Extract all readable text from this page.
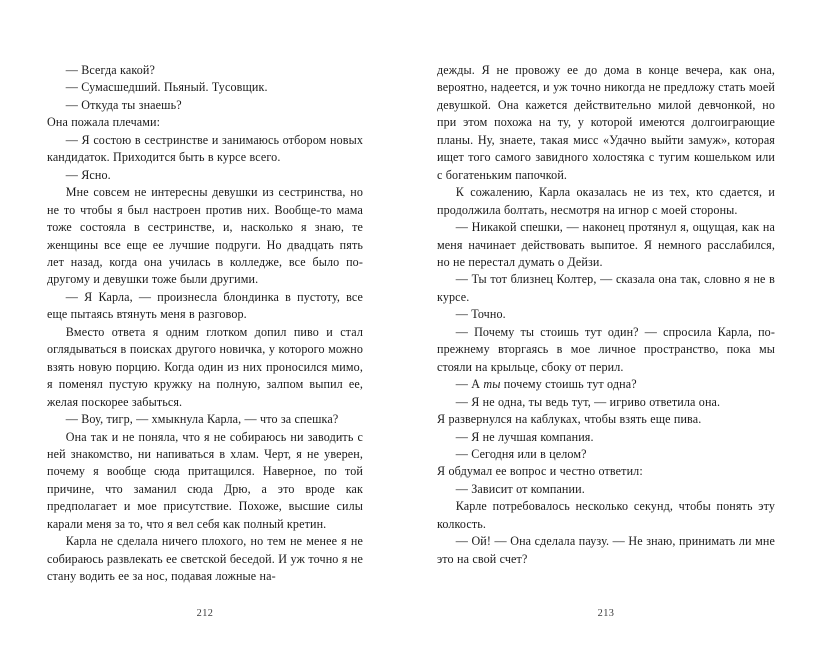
— Всегда какой?

— Сумасшедший. Пьяный. Тусовщик.

— Откуда ты знаешь?

Она пожала плечами:

— Я состою в сестринстве и занимаюсь отбором новых кандидаток. Приходится быть в курсе всего.

— Ясно.

Мне совсем не интересны девушки из сестринства, но не то чтобы я был настроен против них. Вообще-то мама тоже состояла в сестринстве, и, насколько я знаю, те женщины все еще ее лучшие подруги. Но двадцать пять лет назад, когда она училась в колледже, все было по-другому и девушки тоже были другими.

— Я Карла, — произнесла блондинка в пустоту, все еще пытаясь втянуть меня в разговор.

Вместо ответа я одним глотком допил пиво и стал оглядываться в поисках другого новичка, у которого можно взять новую порцию. Когда один из них проносился мимо, я поменял пустую кружку на полную, залпом выпил ее, желая поскорее забыться.

— Воу, тигр, — хмыкнула Карла, — что за спешка?

Она так и не поняла, что я не собираюсь ни заводить с ней знакомство, ни напиваться в хлам. Черт, я не уверен, почему я вообще сюда притащился. Наверное, по той причине, что заманил сюда Дрю, а это вроде как предполагает и мое присутствие. Похоже, высшие силы карали меня за то, что я вел себя как полный кретин.

Карла не сделала ничего плохого, но тем не менее я не собираюсь развлекать ее светской беседой. И уж точно я не стану водить ее за нос, подавая ложные на-

212

дежды. Я не провожу ее до дома в конце вечера, как она, вероятно, надеется, и уж точно никогда не предложу стать моей девушкой. Она кажется действительно милой девчонкой, но при этом похожа на ту, у которой имеются долгоиграющие планы. Ну, знаете, такая мисс «Удачно выйти замуж», которая ищет того самого завидного холостяка с тугим кошельком или с богатеньким папочкой.

К сожалению, Карла оказалась не из тех, кто сдается, и продолжила болтать, несмотря на игнор с моей стороны.

— Никакой спешки, — наконец протянул я, ощущая, как на меня начинает действовать выпитое. Я немного расслабился, но не перестал думать о Дейзи.

— Ты тот близнец Колтер, — сказала она так, словно я не в курсе.

— Точно.

— Почему ты стоишь тут один? — спросила Карла, по-прежнему вторгаясь в мое личное пространство, пока мы стояли на крыльце, сбоку от перил.

— А ты почему стоишь тут одна?

— Я не одна, ты ведь тут, — игриво ответила она.

Я развернулся на каблуках, чтобы взять еще пива.

— Я не лучшая компания.

— Сегодня или в целом?

Я обдумал ее вопрос и честно ответил:

— Зависит от компании.

Карле потребовалось несколько секунд, чтобы понять эту колкость.

— Ой! — Она сделала паузу. — Не знаю, принимать ли мне это на свой счет?

213
